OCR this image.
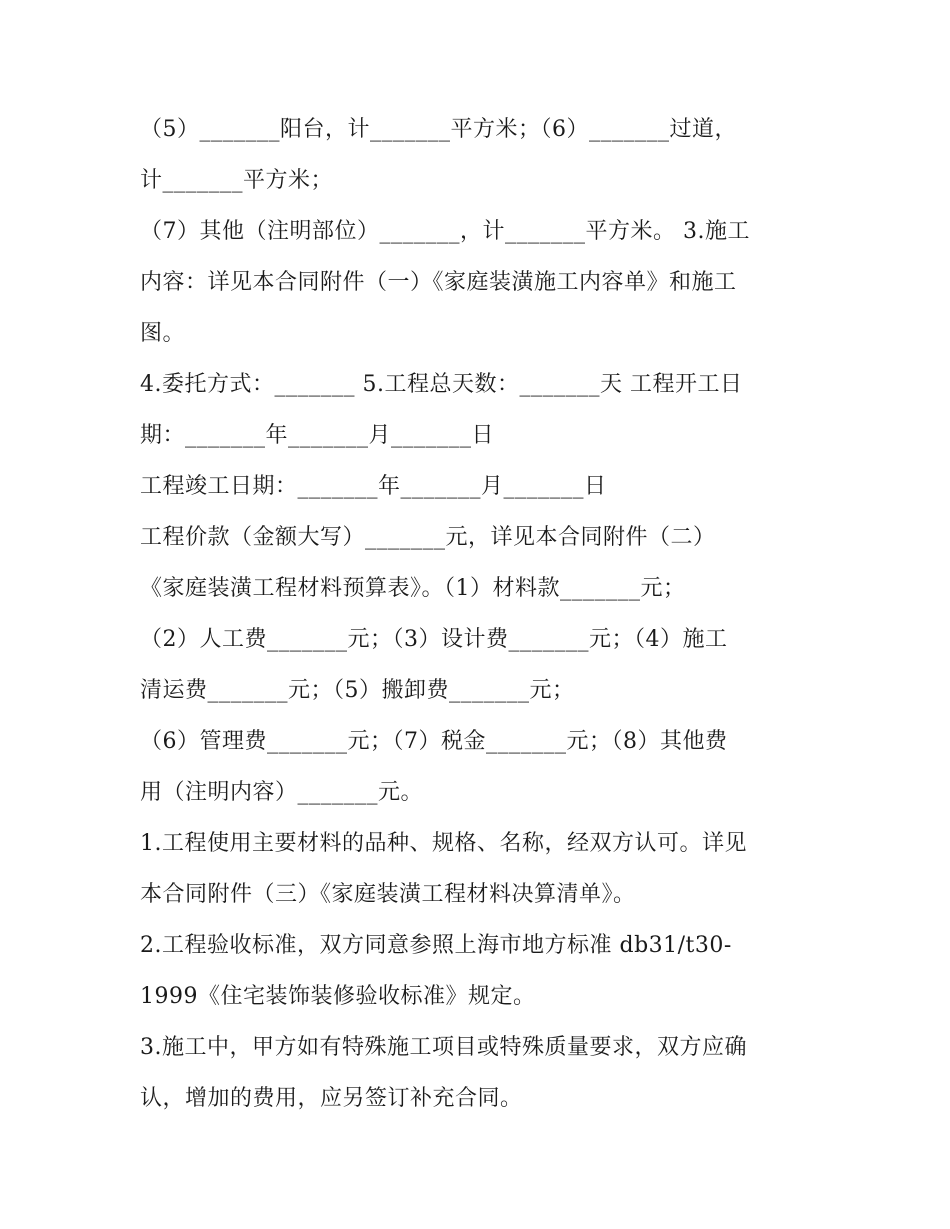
（5）_______阳台，计_______平方米；（6）_______过道，
计_______平方米；
（7）其他（注明部位）_______，计_______平方米。 3.施工
内容：详见本合同附件（一）《家庭装潢施工内容单》和施工
图。
4.委托方式：_______ 5.工程总天数：_______天 工程开工日
期：_______年_______月_______日
工程竣工日期：_______年_______月_______日
工程价款（金额大写）_______元，详见本合同附件（二）
《家庭装潢工程材料预算表》。（1）材料款_______元；
（2）人工费_______元；（3）设计费_______元；（4）施工
清运费_______元；（5）搬卸费_______元；
（6）管理费_______元；（7）税金_______元；（8）其他费
用（注明内容）_______元。
1.工程使用主要材料的品种、规格、名称，经双方认可。详见
本合同附件（三）《家庭装潢工程材料决算清单》。
2.工程验收标准，双方同意参照上海市地方标准 db31/t30-
1999《住宅装饰装修验收标准》规定。
3.施工中，甲方如有特殊施工项目或特殊质量要求，双方应确
认，增加的费用，应另签订补充合同。
